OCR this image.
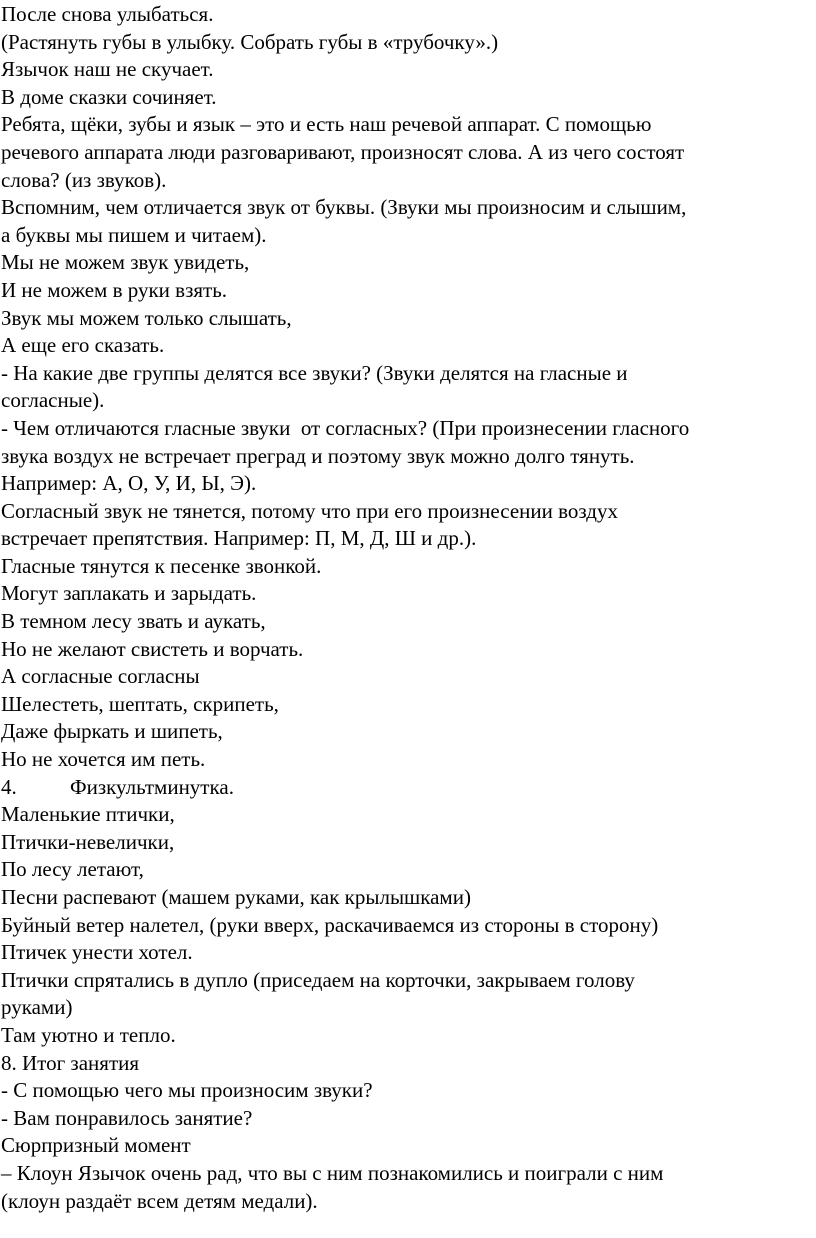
После снова улыбаться.

(Растянуть губы в улыбку. Собрать губы в «трубочку».)

Язычок наш не скучает.

В доме сказки сочиняет.

Ребята, щёки, зубы и язык – это и есть наш речевой аппарат. С помощью

речевого аппарата люди разговаривают, произносят слова. А из чего состоят

слова? (из звуков).

Вспомним, чем отличается звук от буквы. (Звуки мы произносим и слышим,

а буквы мы пишем и читаем).

Мы не можем звук увидеть,

И не можем в руки взять.

Звук мы можем только слышать,

А еще его сказать.

- На какие две группы делятся все звуки? (Звуки делятся на гласные и

согласные).

- Чем отличаются гласные звуки  от согласных? (При произнесении гласного

звука воздух не встречает преград и поэтому звук можно долго тянуть.

Например: А, О, У, И, Ы, Э).

Согласный звук не тянется, потому что при его произнесении воздух

встречает препятствия. Например: П, М, Д, Ш и др.).

Гласные тянутся к песенке звонкой.

Могут заплакать и зарыдать.

В темном лесу звать и аукать,

Но не желают свистеть и ворчать.

А согласные согласны

Шелестеть, шептать, скрипеть,

Даже фыркать и шипеть,

Но не хочется им петь.

4.	Физкультминутка.

Маленькие птички,

Птички-невелички,

По лесу летают,

Песни распевают (машем руками, как крылышками)

Буйный ветер налетел, (руки вверх, раскачиваемся из стороны в сторону)

Птичек унести хотел.

Птички спрятались в дупло (приседаем на корточки, закрываем голову

руками)

Там уютно и тепло.

8. Итог занятия

- С помощью чего мы произносим звуки?

- Вам понравилось занятие?

Сюрпризный момент

– Клоун Язычок очень рад, что вы с ним познакомились и поиграли с ним

(клоун раздаёт всем детям медали).
